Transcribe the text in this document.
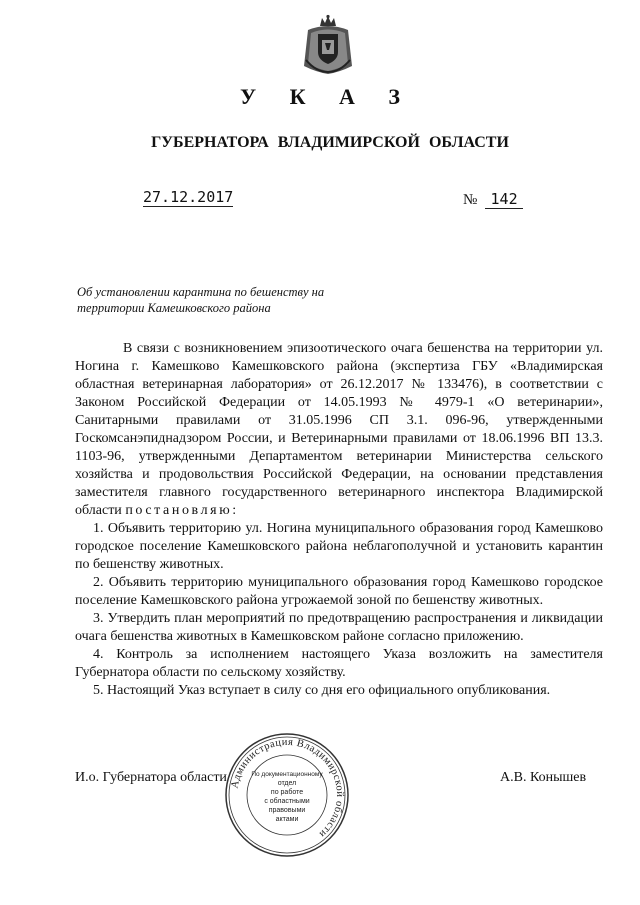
У К А З
ГУБЕРНАТОРА ВЛАДИМИРСКОЙ ОБЛАСТИ
27.12.2017	№ 142
Об установлении карантина по бешенству на
территории Камешковского района

В связи с возникновением эпизоотического очага бешенства на территории ул. Ногина г. Камешково Камешковского района (экспертиза ГБУ «Владимирская областная ветеринарная лаборатория» от 26.12.2017 № 133476), в соответствии с Законом Российской Федерации от 14.05.1993 № 4979-1 «О ветеринарии», Санитарными правилами от 31.05.1996 СП 3.1. 096-96, утвержденными Госкомсанэпиднадзором России, и Ветеринарными правилами от 18.06.1996 ВП 13.3. 1103-96, утвержденными Департаментом ветеринарии Министерства сельского хозяйства и продовольствия Российской Федерации, на основании представления заместителя главного государственного ветеринарного инспектора Владимирской области постановляю:

1. Объявить территорию ул. Ногина муниципального образования город Камешково городское поселение Камешковского района неблагополучной и установить карантин по бешенству животных.

2. Объявить территорию муниципального образования город Камешково городское поселение Камешковского района угрожаемой зоной по бешенству животных.

3. Утвердить план мероприятий по предотвращению распространения и ликвидации очага бешенства животных в Камешковском районе согласно приложению.

4. Контроль за исполнением настоящего Указа возложить на заместителя Губернатора области по сельскому хозяйству.

5. Настоящий Указ вступает в силу со дня его официального опубликования.

И.о. Губернатора области	А.В. Конышев
Администрация Владимирской области
По документационному
отдел
по работе
с областными
правовыми
актами
